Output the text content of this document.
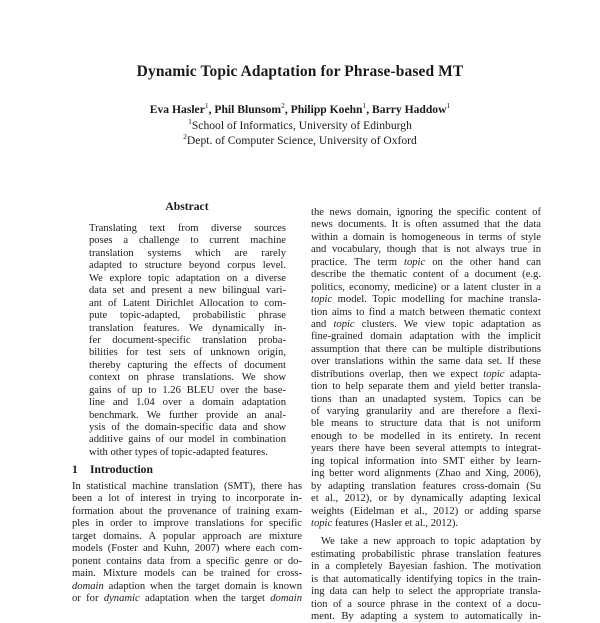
Dynamic Topic Adaptation for Phrase-based MT
Eva Hasler$^1$, Phil Blunsom$^2$, Philipp Koehn$^1$, Barry Haddow$^1$
$^1$School of Informatics, University of Edinburgh
$^2$Dept. of Computer Science, University of Oxford
Abstract
Translating text from diverse sources
poses a challenge to current machine
translation systems which are rarely
adapted to structure beyond corpus level.
We explore topic adaptation on a diverse
data set and present a new bilingual vari-
ant of Latent Dirichlet Allocation to com-
pute topic-adapted, probabilistic phrase
translation features. We dynamically in-
fer document-specific translation proba-
bilities for test sets of unknown origin,
thereby capturing the effects of document
context on phrase translations. We show
gains of up to 1.26 BLEU over the base-
line and 1.04 over a domain adaptation
benchmark. We further provide an anal-
ysis of the domain-specific data and show
additive gains of our model in combination
with other types of topic-adapted features.
1 Introduction
In statistical machine translation (SMT), there has
been a lot of interest in trying to incorporate in-
formation about the provenance of training exam-
ples in order to improve translations for specific
target domains. A popular approach are mixture
models (Foster and Kuhn, 2007) where each com-
ponent contains data from a specific genre or do-
main. Mixture models can be trained for cross-
domain adaption when the target domain is known
or for dynamic adaptation when the target domain
the news domain, ignoring the specific content of
news documents. It is often assumed that the data
within a domain is homogeneous in terms of style
and vocabulary, though that is not always true in
practice. The term topic on the other hand can
describe the thematic content of a document (e.g.
politics, economy, medicine) or a latent cluster in a
topic model. Topic modelling for machine transla-
tion aims to find a match between thematic context
and topic clusters. We view topic adaptation as
fine-grained domain adaptation with the implicit
assumption that there can be multiple distributions
over translations within the same data set. If these
distributions overlap, then we expect topic adapta-
tion to help separate them and yield better transla-
tions than an unadapted system. Topics can be
of varying granularity and are therefore a flexi-
ble means to structure data that is not uniform
enough to be modelled in its entirety. In recent
years there have been several attempts to integrat-
ing topical information into SMT either by learn-
ing better word alignments (Zhao and Xing, 2006),
by adapting translation features cross-domain (Su
et al., 2012), or by dynamically adapting lexical
weights (Eidelman et al., 2012) or adding sparse
topic features (Hasler et al., 2012).
We take a new approach to topic adaptation by
estimating probabilistic phrase translation features
in a completely Bayesian fashion. The motivation
is that automatically identifying topics in the train-
ing data can help to select the appropriate transla-
tion of a source phrase in the context of a docu-
ment. By adapting a system to automatically in-
